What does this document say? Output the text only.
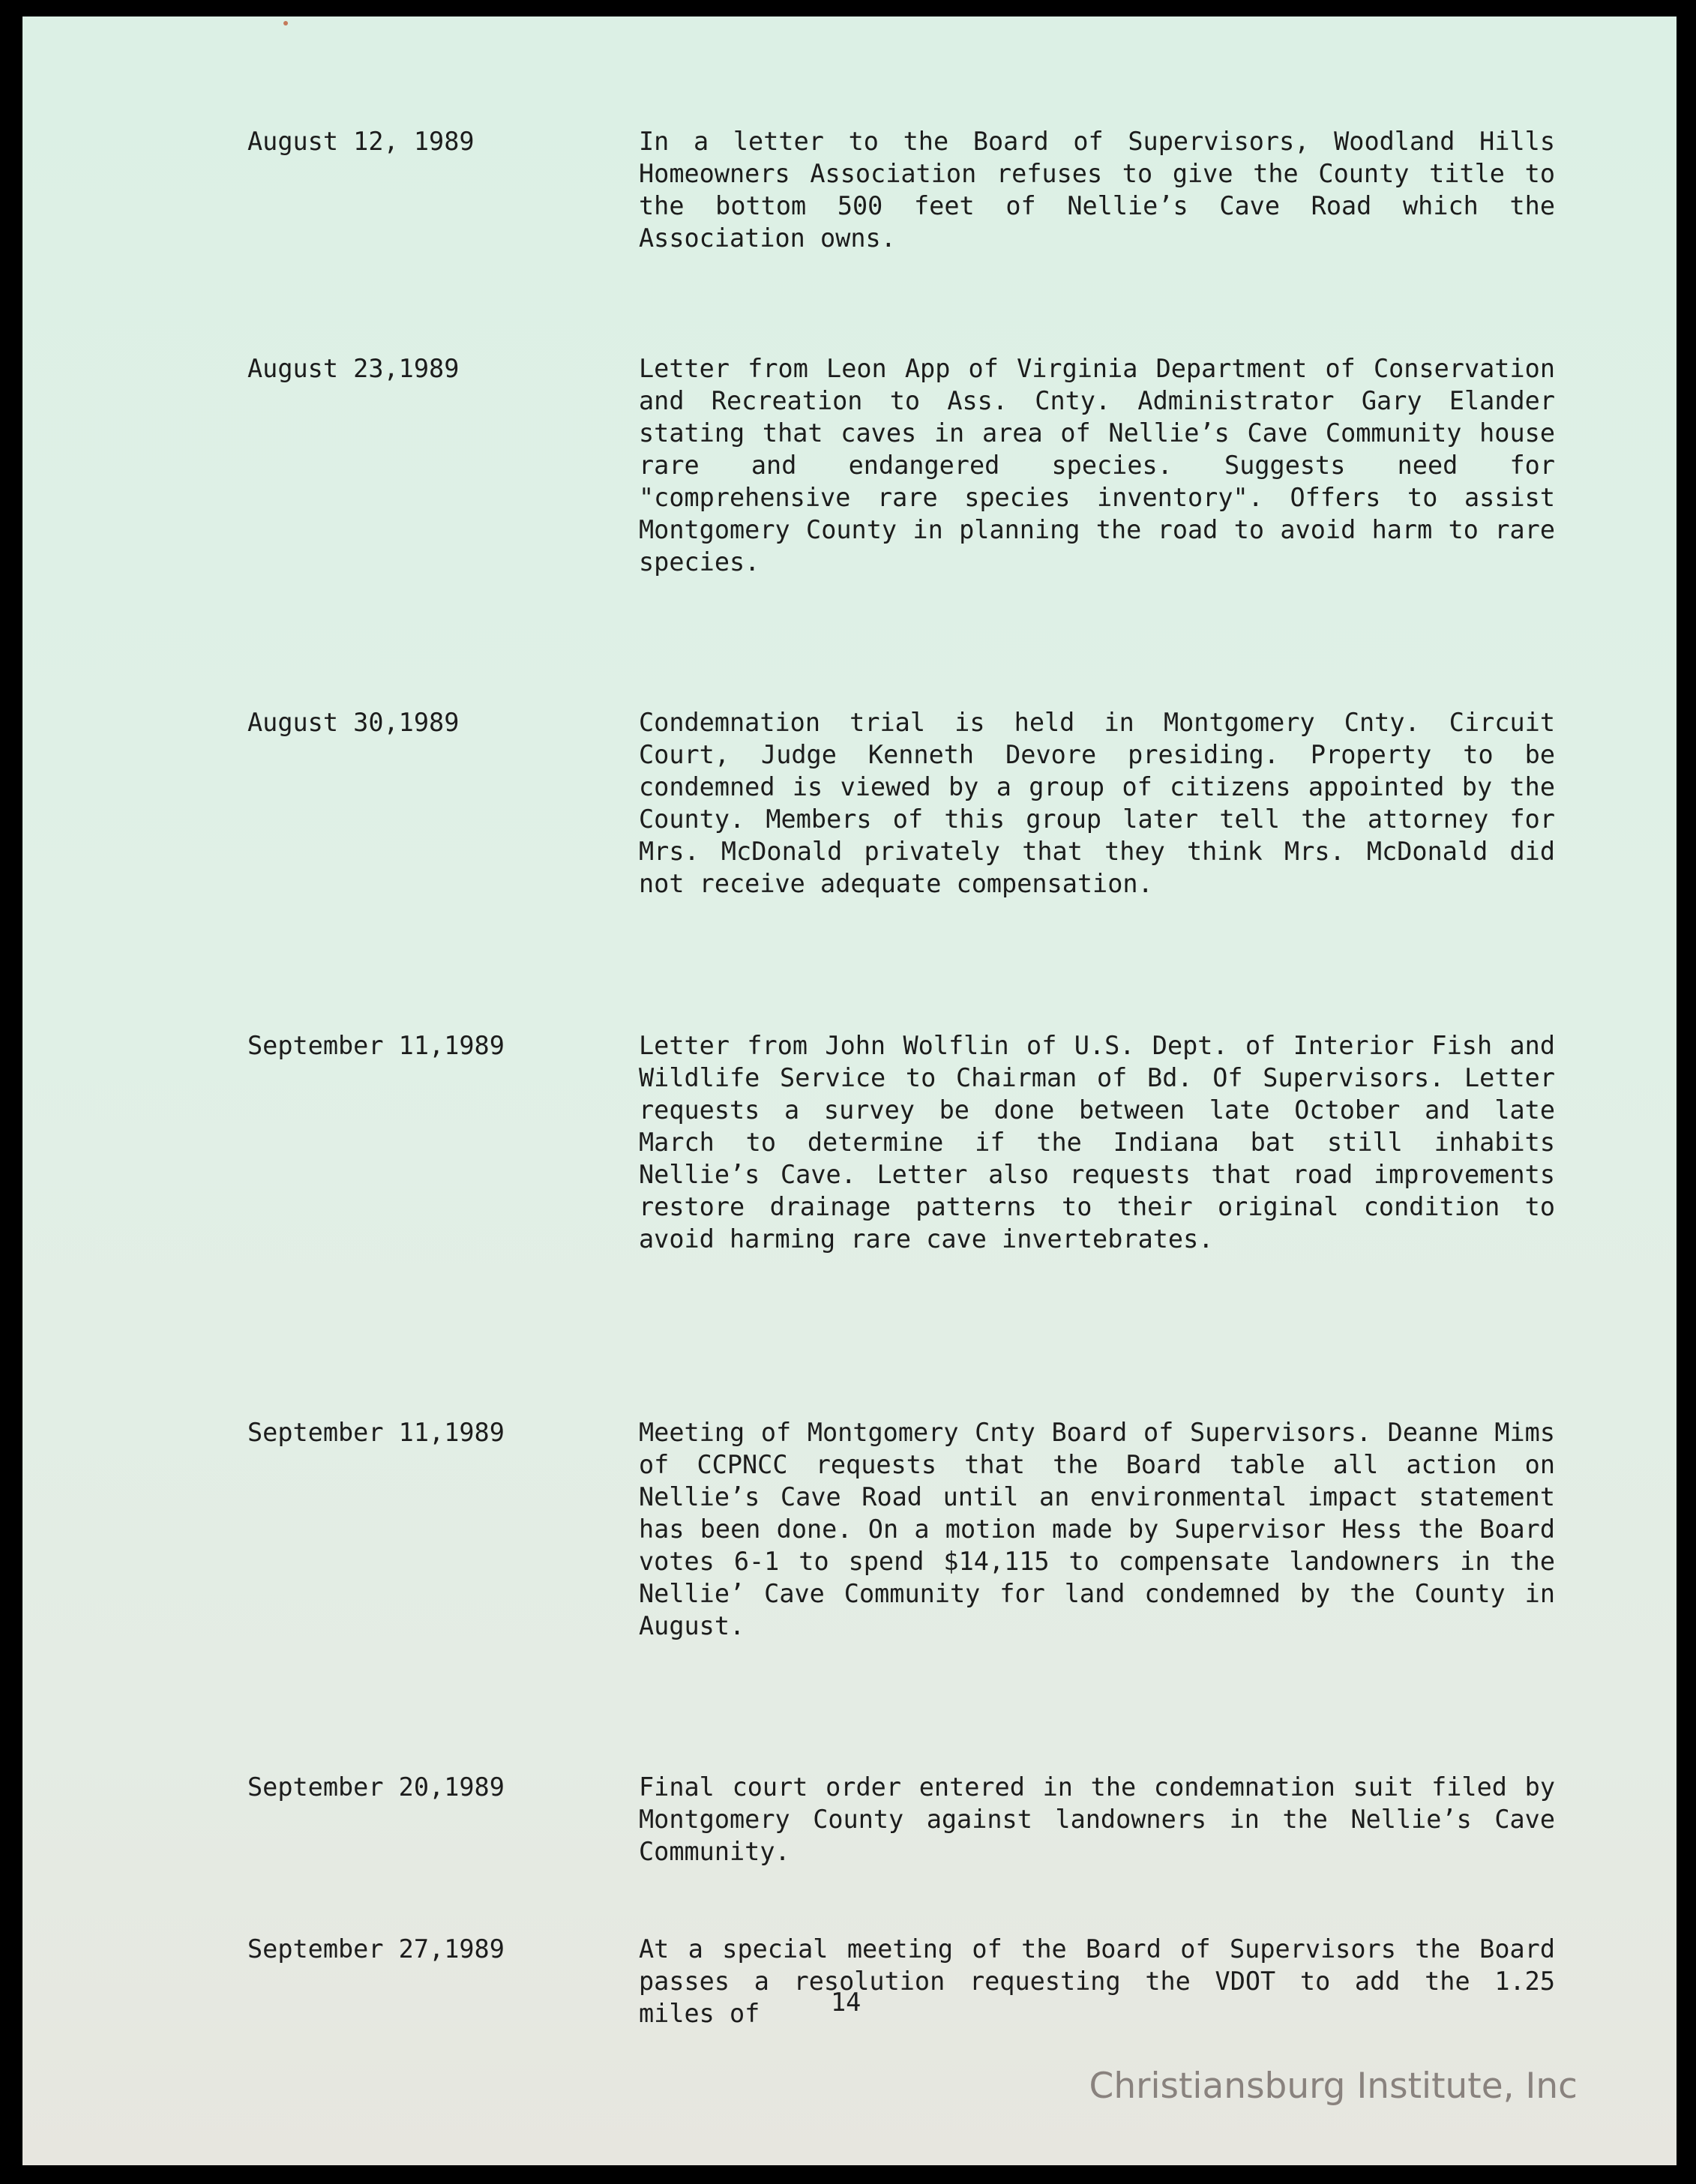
August 12, 1989	In a letter to the Board of Supervisors, Woodland Hills Homeowners Association refuses to give the County title to the bottom 500 feet of Nellie’s Cave Road which the Association owns.

August 23,1989	Letter from Leon App of Virginia Department of Conservation and Recreation to Ass. Cnty. Administrator Gary Elander stating that caves in area of Nellie’s Cave Community house rare and endangered species. Suggests need for "comprehensive rare species inventory". Offers to assist Montgomery County in planning the road to avoid harm to rare species.

August 30,1989	Condemnation trial is held in Montgomery Cnty. Circuit Court, Judge Kenneth Devore presiding. Property to be condemned is viewed by a group of citizens appointed by the County. Members of this group later tell the attorney for Mrs. McDonald privately that they think Mrs. McDonald did not receive adequate compensation.

September 11,1989	Letter from John Wolflin of U.S. Dept. of Interior Fish and Wildlife Service to Chairman of Bd. Of Supervisors. Letter requests a survey be done between late October and late March to determine if the Indiana bat still inhabits Nellie’s Cave. Letter also requests that road improvements restore drainage patterns to their original condition to avoid harming rare cave invertebrates.

September 11,1989	Meeting of Montgomery Cnty Board of Supervisors. Deanne Mims of CCPNCC requests that the Board table all action on Nellie’s Cave Road until an environmental impact statement has been done. On a motion made by Supervisor Hess the Board votes 6-1 to spend $14,115 to compensate landowners in the Nellie’ Cave Community for land condemned by the County in August.

September 20,1989	Final court order entered in the condemnation suit filed by Montgomery County against landowners in the Nellie’s Cave Community.

September 27,1989	At a special meeting of the Board of Supervisors the Board passes a resolution requesting the VDOT to add the 1.25 miles of	14
Christiansburg Institute, Inc
